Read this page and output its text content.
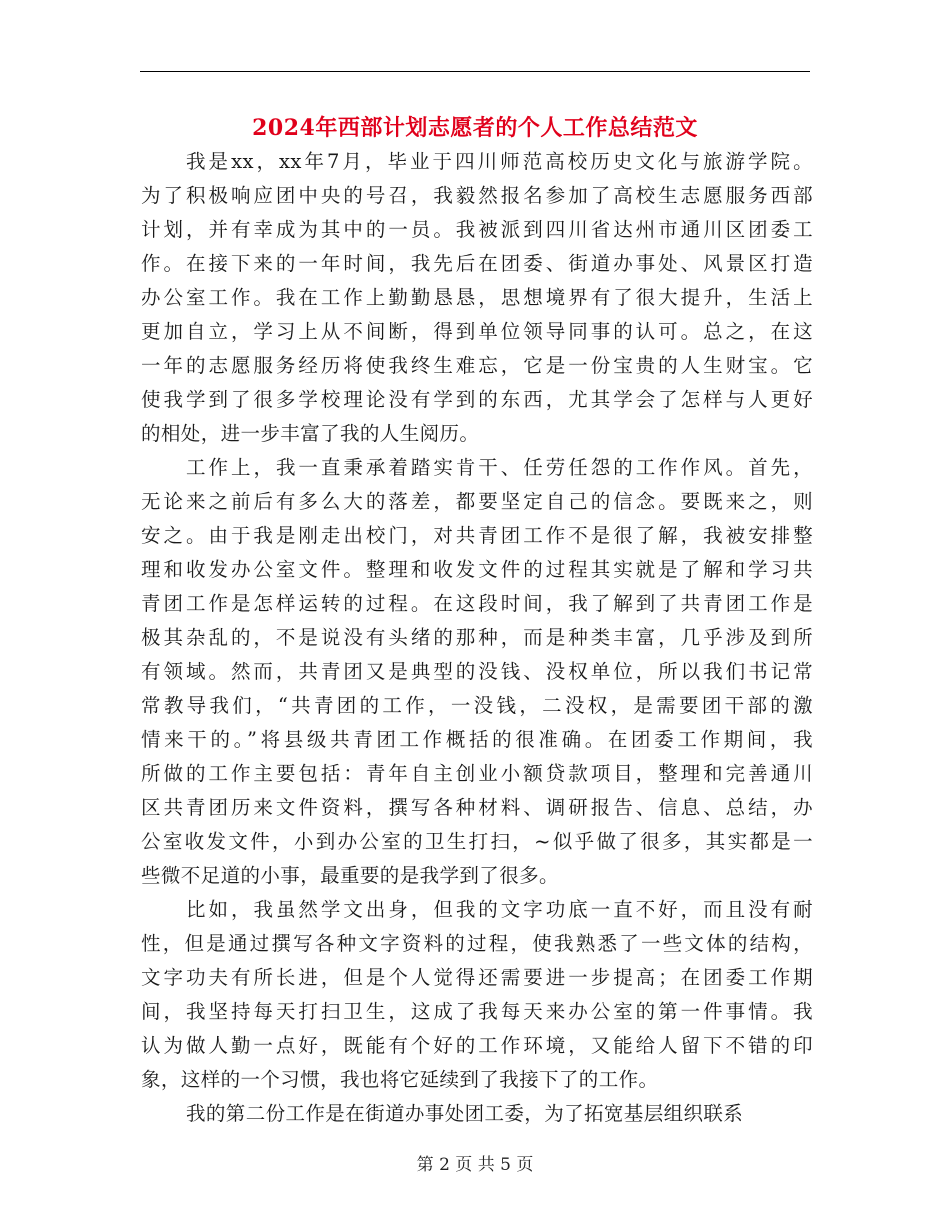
2024年西部计划志愿者的个人工作总结范文
我是xx，xx年7月，毕业于四川师范高校历史文化与旅游学院。
为了积极响应团中央的号召，我毅然报名参加了高校生志愿服务西部
计划，并有幸成为其中的一员。我被派到四川省达州市通川区团委工
作。在接下来的一年时间，我先后在团委、街道办事处、风景区打造
办公室工作。我在工作上勤勤恳恳，思想境界有了很大提升，生活上
更加自立，学习上从不间断，得到单位领导同事的认可。总之，在这
一年的志愿服务经历将使我终生难忘，它是一份宝贵的人生财宝。它
使我学到了很多学校理论没有学到的东西，尤其学会了怎样与人更好
的相处，进一步丰富了我的人生阅历。
工作上，我一直秉承着踏实肯干、任劳任怨的工作作风。首先，
无论来之前后有多么大的落差，都要坚定自己的信念。要既来之，则
安之。由于我是刚走出校门，对共青团工作不是很了解，我被安排整
理和收发办公室文件。整理和收发文件的过程其实就是了解和学习共
青团工作是怎样运转的过程。在这段时间，我了解到了共青团工作是
极其杂乱的，不是说没有头绪的那种，而是种类丰富，几乎涉及到所
有领域。然而，共青团又是典型的没钱、没权单位，所以我们书记常
常教导我们，“共青团的工作，一没钱，二没权，是需要团干部的激
情来干的。”将县级共青团工作概括的很准确。在团委工作期间，我
所做的工作主要包括：青年自主创业小额贷款项目，整理和完善通川
区共青团历来文件资料，撰写各种材料、调研报告、信息、总结，办
公室收发文件，小到办公室的卫生打扫，~似乎做了很多，其实都是一
些微不足道的小事，最重要的是我学到了很多。
比如，我虽然学文出身，但我的文字功底一直不好，而且没有耐
性，但是通过撰写各种文字资料的过程，使我熟悉了一些文体的结构，
文字功夫有所长进，但是个人觉得还需要进一步提高；在团委工作期
间，我坚持每天打扫卫生，这成了我每天来办公室的第一件事情。我
认为做人勤一点好，既能有个好的工作环境，又能给人留下不错的印
象，这样的一个习惯，我也将它延续到了我接下了的工作。
我的第二份工作是在街道办事处团工委，为了拓宽基层组织联系
第 2 页 共 5 页
